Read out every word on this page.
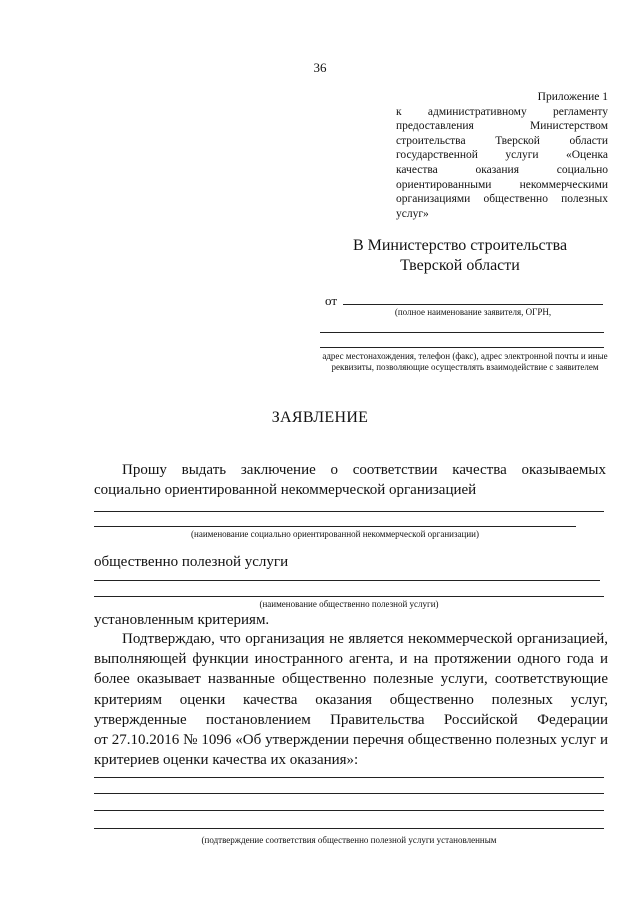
36
Приложение 1
к административному регламенту
предоставления Министерством
строительства Тверской области
государственной услуги «Оценка
качества оказания социально
ориентированными некоммерческими
организациями общественно полезных
услуг»
В Министерство строительства
Тверской области
от
(полное наименование заявителя, ОГРН,
адрес местонахождения, телефон (факс), адрес электронной почты и иные реквизиты, позволяющие осуществлять взаимодействие с заявителем
ЗАЯВЛЕНИЕ
Прошу выдать заключение о соответствии качества оказываемых
социально ориентированной некоммерческой организацией
(наименование социально ориентированной некоммерческой организации)
общественно полезной услуги
(наименование общественно полезной услуги)
установленным критериям.
Подтверждаю, что организация не является некоммерческой организацией,
выполняющей функции иностранного агента, и на протяжении одного года и
более оказывает названные общественно полезные услуги, соответствующие
критериям оценки качества оказания общественно полезных услуг,
утвержденные постановлением Правительства Российской Федерации
от 27.10.2016 № 1096 «Об утверждении перечня общественно полезных услуг и
критериев оценки качества их оказания»:
(подтверждение соответствия общественно полезной услуги установленным
